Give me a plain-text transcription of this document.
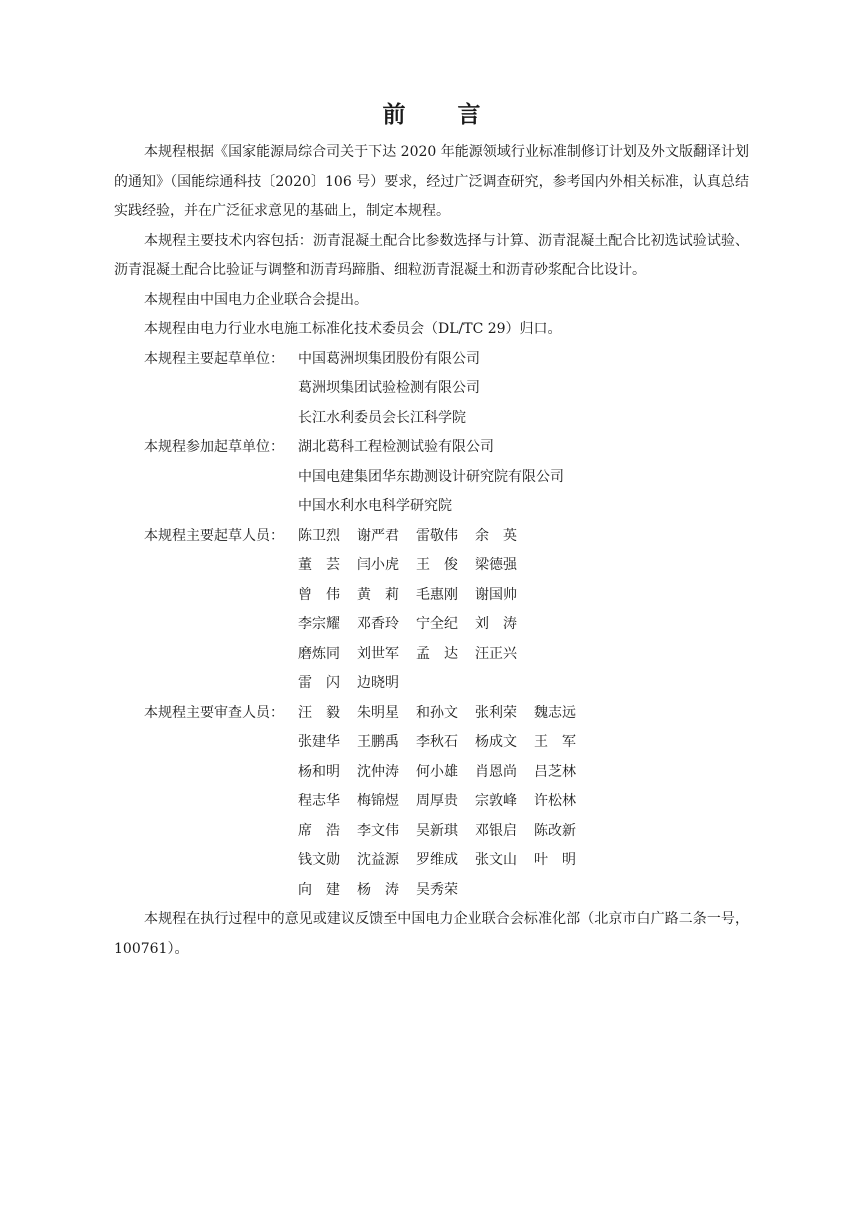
前 言

本规程根据《国家能源局综合司关于下达 2020 年能源领域行业标准制修订计划及外文版翻译计划的通知》（国能综通科技〔2020〕106 号）要求，经过广泛调查研究，参考国内外相关标准，认真总结实践经验，并在广泛征求意见的基础上，制定本规程。

本规程主要技术内容包括：沥青混凝土配合比参数选择与计算、沥青混凝土配合比初选试验试验、沥青混凝土配合比验证与调整和沥青玛蹄脂、细粒沥青混凝土和沥青砂浆配合比设计。

本规程由中国电力企业联合会提出。

本规程由电力行业水电施工标准化技术委员会（DL/TC 29）归口。

本规程主要起草单位：	中国葛洲坝集团股份有限公司
葛洲坝集团试验检测有限公司
长江水利委员会长江科学院
本规程参加起草单位：	湖北葛科工程检测试验有限公司
中国电建集团华东勘测设计研究院有限公司
中国水利水电科学研究院
本规程主要起草人员：	陈卫烈	谢严君	雷敬伟	余　英
董　芸	闫小虎	王　俊	梁德强
曾　伟	黄　莉	毛惠刚	谢国帅
李宗耀	邓香玲	宁全纪	刘　涛
磨炼同	刘世军	孟　达	汪正兴
雷　闪	边晓明
本规程主要审查人员：	汪　毅	朱明星	和孙文	张利荣	魏志远
张建华	王鹏禹	李秋石	杨成文	王　军
杨和明	沈仲涛	何小雄	肖恩尚	吕芝林
程志华	梅锦煜	周厚贵	宗敦峰	许松林
席　浩	李文伟	吴新琪	邓银启	陈改新
钱文勋	沈益源	罗维成	张文山	叶　明
向　建	杨　涛	吴秀荣

本规程在执行过程中的意见或建议反馈至中国电力企业联合会标准化部（北京市白广路二条一号，100761）。
